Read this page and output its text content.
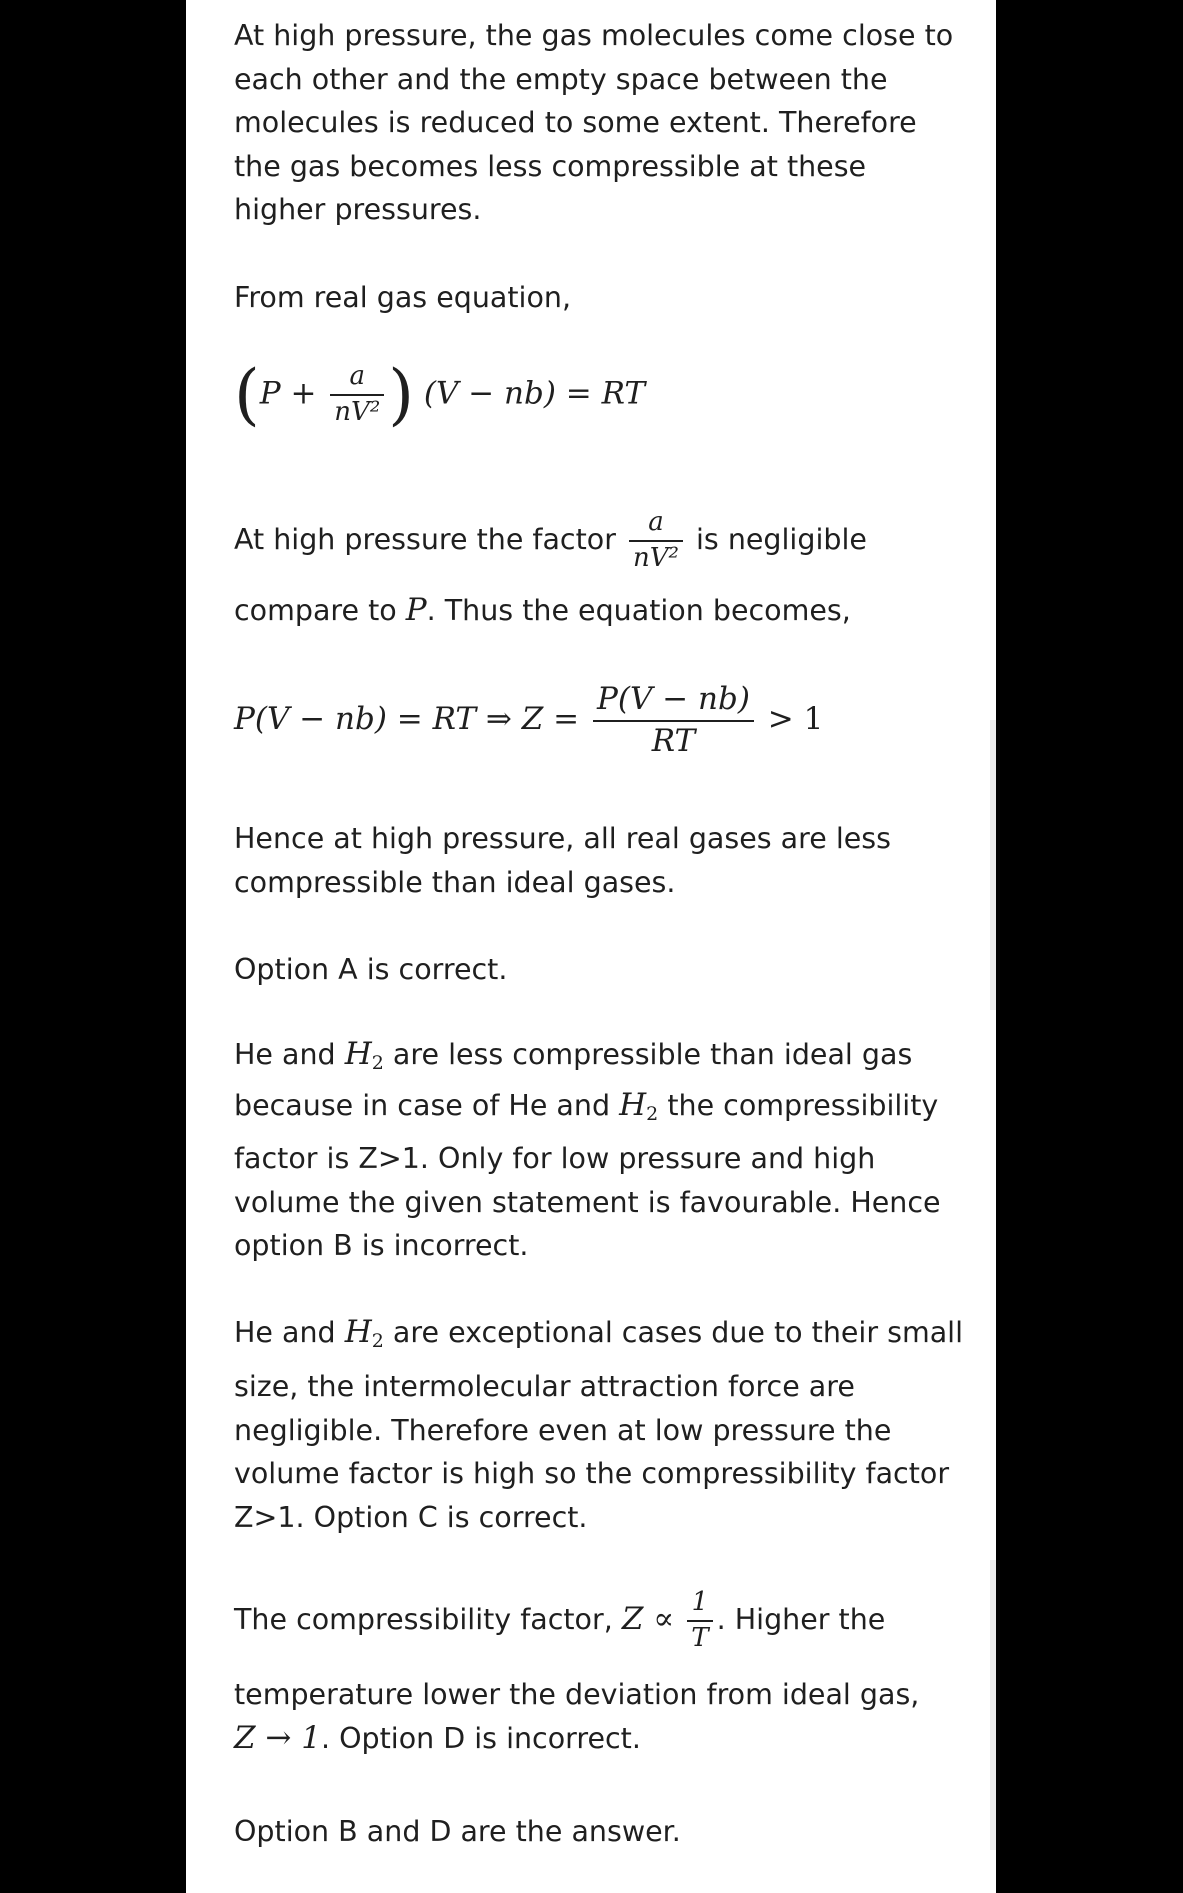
At high pressure, the gas molecules come close to each other and the empty space between the molecules is reduced to some extent. Therefore the gas becomes less compressible at these higher pressures.

From real gas equation,

($P + \frac{a}{\text{nV²}}$ ) (V − nb) = RT
At high pressure the factor $\frac{a}{\text{nV²}}$ is negligible
compare to P. Thus the equation becomes,
P(V − nb) = RT ⇒ $Z = \frac{P(V - nb)}{RT} > 1$

Hence at high pressure, all real gases are less compressible than ideal gases.

Option A is correct.

He and $H_2$ are less compressible than ideal gas
because in case of He and $H_2$ the compressibility

factor is Z>1. Only for low pressure and high volume the given statement is favourable. Hence option B is incorrect.

He and $H_2$ are exceptional cases due to their small

size, the intermolecular attraction force are negligible. Therefore even at low pressure the volume factor is high so the compressibility factor Z>1. Option C is correct.

The compressibility factor, $Z \propto \frac{1}{T}$ . Higher the

temperature lower the deviation from ideal gas,

Z → 1. Option D is incorrect.

Option B and D are the answer.
